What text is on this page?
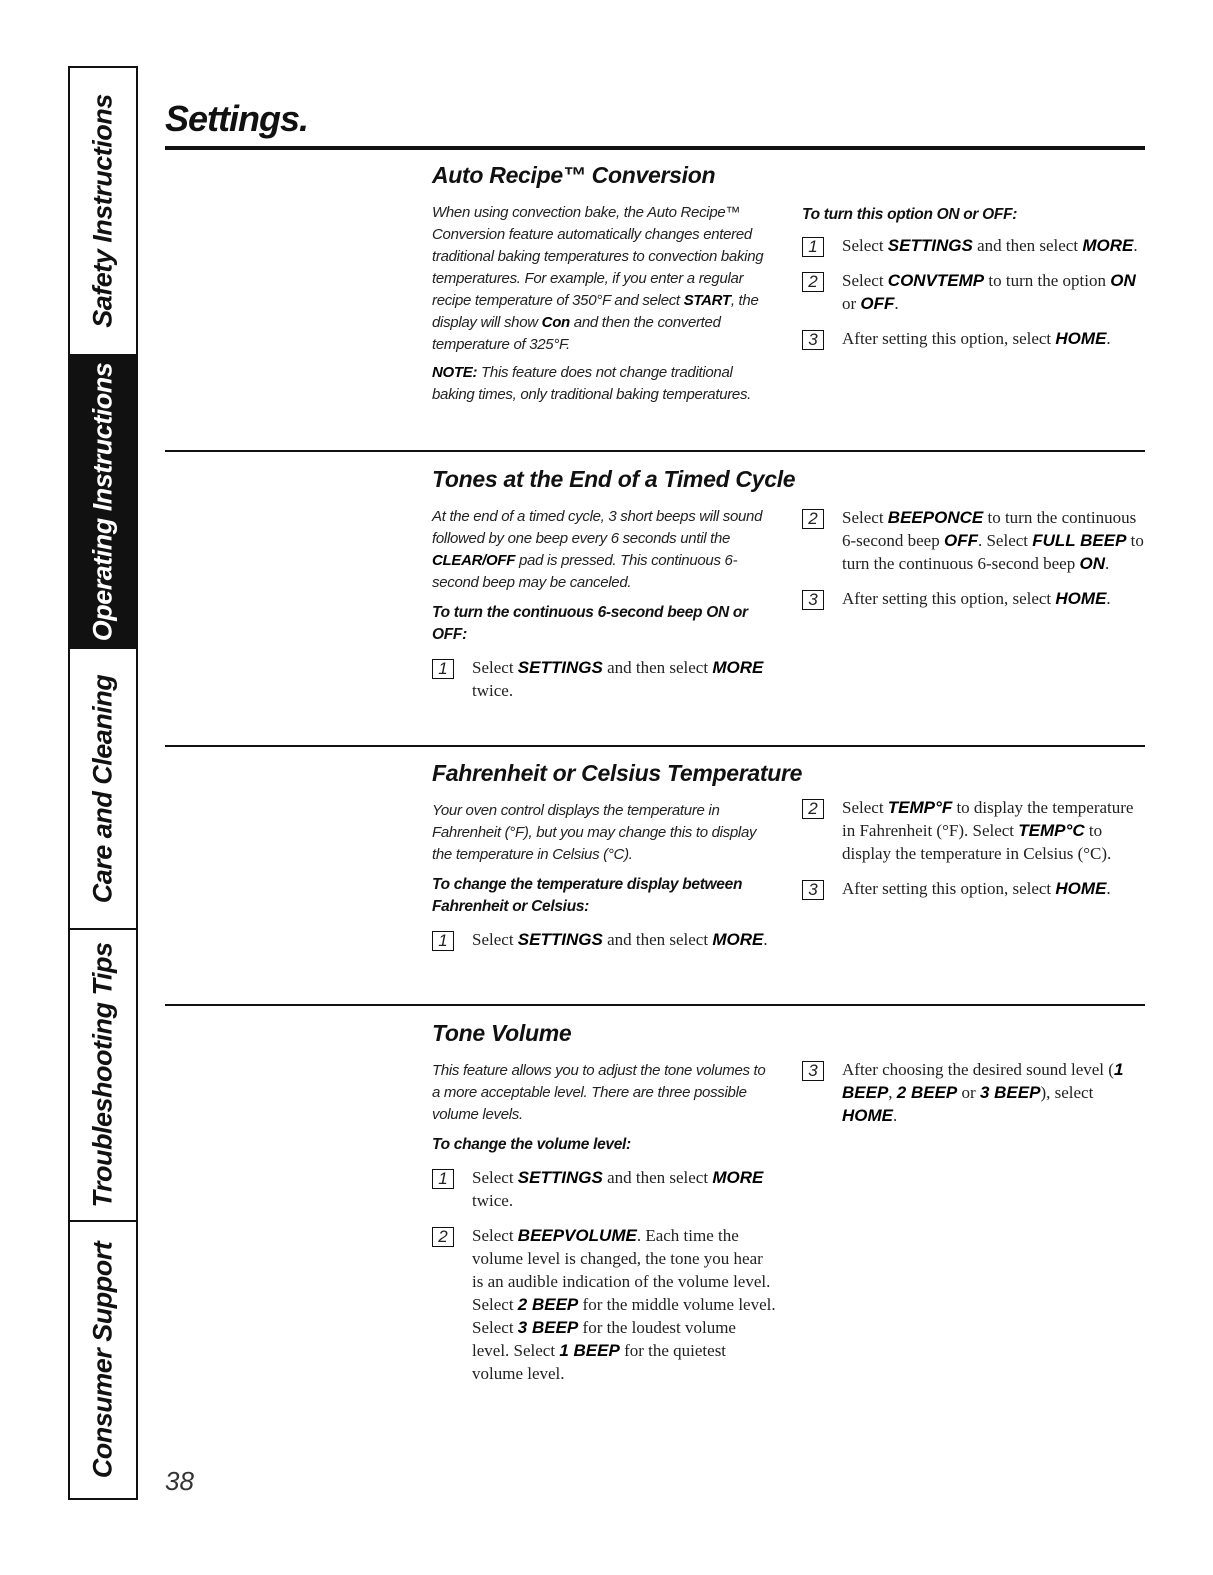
Safety Instructions
Operating Instructions
Care and Cleaning
Troubleshooting Tips
Consumer Support
Settings.
Auto Recipe™ Conversion

When using convection bake, the Auto Recipe™ Conversion feature automatically changes entered traditional baking temperatures to convection baking temperatures. For example, if you enter a regular recipe temperature of 350°F and select START, the display will show Con and then the converted temperature of 325°F.

NOTE: This feature does not change traditional baking times, only traditional baking temperatures.

To turn this option ON or OFF:

1	Select SETTINGS and then select MORE.
2	Select CONVTEMP to turn the option ON or OFF.
3	After setting this option, select HOME.
Tones at the End of a Timed Cycle

At the end of a timed cycle, 3 short beeps will sound followed by one beep every 6 seconds until the CLEAR/OFF pad is pressed. This continuous 6-second beep may be canceled.

To turn the continuous 6-second beep ON or OFF:

1	Select SETTINGS and then select MORE twice.
2	Select BEEPONCE to turn the continuous 6-second beep OFF. Select FULL BEEP to turn the continuous 6-second beep ON.
3	After setting this option, select HOME.
Fahrenheit or Celsius Temperature

Your oven control displays the temperature in Fahrenheit (°F), but you may change this to display the temperature in Celsius (°C).

To change the temperature display between Fahrenheit or Celsius:

1	Select SETTINGS and then select MORE.
2	Select TEMP°F to display the temperature in Fahrenheit (°F). Select TEMP°C to display the temperature in Celsius (°C).
3	After setting this option, select HOME.
Tone Volume

This feature allows you to adjust the tone volumes to a more acceptable level. There are three possible volume levels.

To change the volume level:

1	Select SETTINGS and then select MORE twice.
2	Select BEEPVOLUME. Each time the volume level is changed, the tone you hear is an audible indication of the volume level. Select 2 BEEP for the middle volume level. Select 3 BEEP for the loudest volume level. Select 1 BEEP for the quietest volume level.
3	After choosing the desired sound level (1 BEEP, 2 BEEP or 3 BEEP), select HOME.
38
